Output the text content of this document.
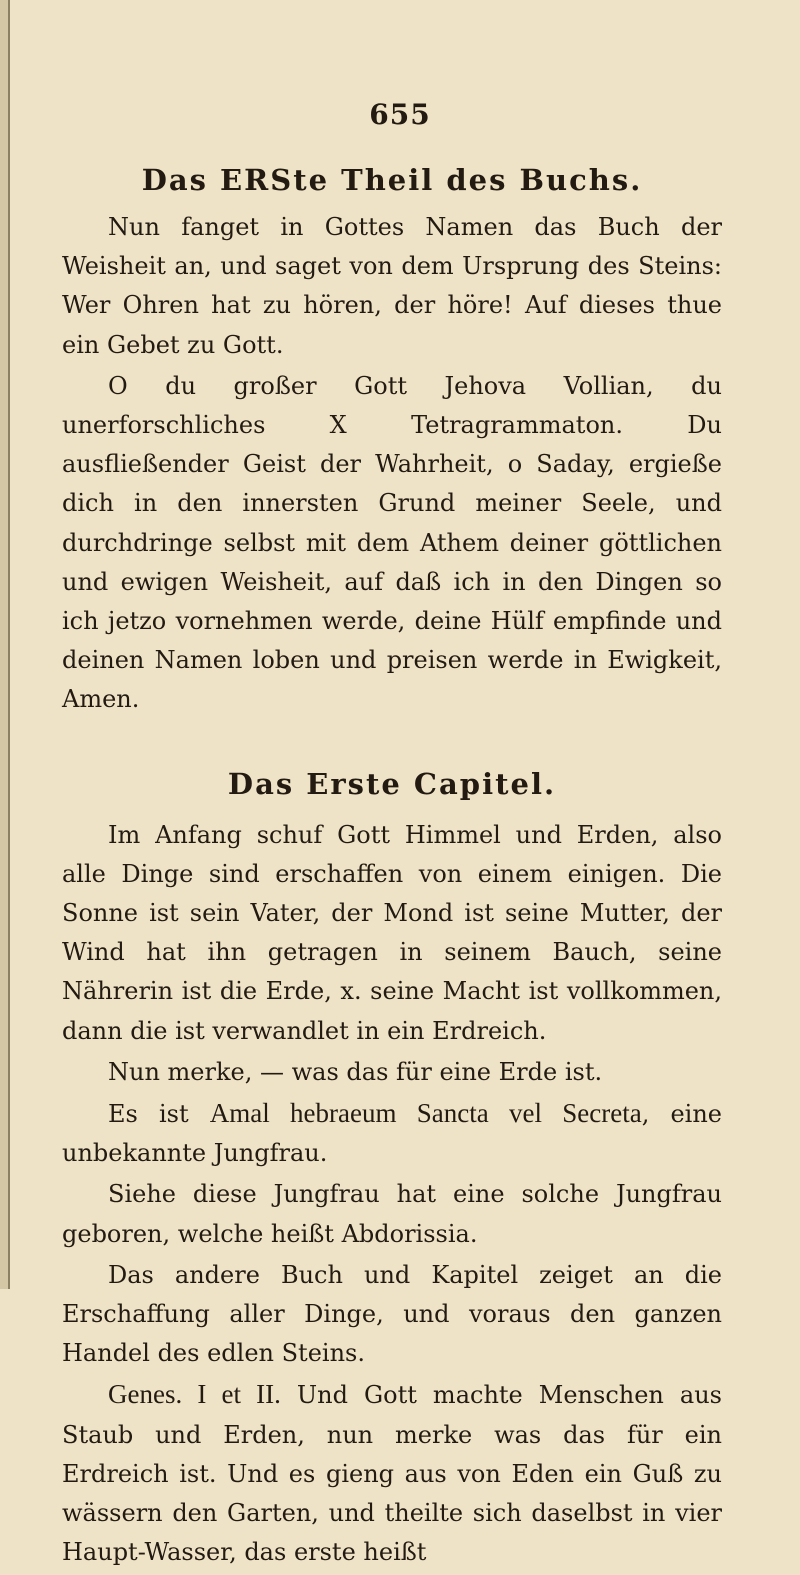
655
Das ERSte Theil des Buchs.

Nun fanget in Gottes Namen das Buch der Weisheit an, und saget von dem Ursprung des Steins: Wer Ohren hat zu hören, der höre! Auf dieses thue ein Gebet zu Gott.

O du großer Gott Jehova Vollian, du unerforschliches X Tetragrammaton. Du ausfließender Geist der Wahrheit, o Saday, ergieße dich in den innersten Grund meiner Seele, und durchdringe selbst mit dem Athem deiner göttlichen und ewigen Weisheit, auf daß ich in den Dingen so ich jetzo vornehmen werde, deine Hülf empfinde und deinen Namen loben und preisen werde in Ewigkeit, Amen.

Das Erste Capitel.

Im Anfang schuf Gott Himmel und Erden, also alle Dinge sind erschaffen von einem einigen. Die Sonne ist sein Vater, der Mond ist seine Mutter, der Wind hat ihn getragen in seinem Bauch, seine Nährerin ist die Erde, x. seine Macht ist vollkommen, dann die ist verwandlet in ein Erdreich.

Nun merke, — was das für eine Erde ist.

Es ist Amal hebraeum Sancta vel Secreta, eine unbekannte Jungfrau.

Siehe diese Jungfrau hat eine solche Jungfrau geboren, welche heißt Abdorissia.

Das andere Buch und Kapitel zeiget an die Erschaffung aller Dinge, und voraus den ganzen Handel des edlen Steins.

Genes. I et II. Und Gott machte Menschen aus Staub und Erden, nun merke was das für ein Erdreich ist. Und es gieng aus von Eden ein Guß zu wässern den Garten, und theilte sich daselbst in vier Haupt-Wasser, das erste heißt
